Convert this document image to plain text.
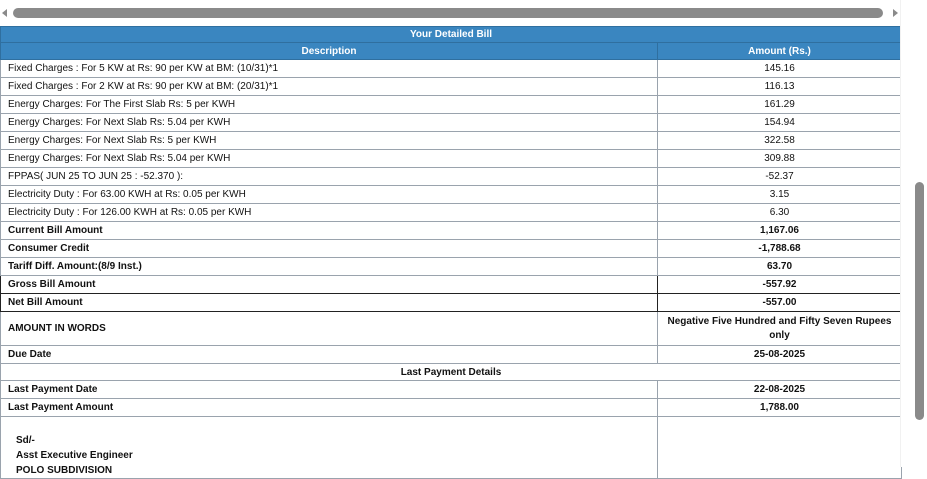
Your Detailed Bill	
Description	Amount (Rs.)
Fixed Charges : For 5 KW at Rs: 90 per KW at BM: (10/31)*1	145.16
Fixed Charges : For 2 KW at Rs: 90 per KW at BM: (20/31)*1	116.13
Energy Charges: For The First Slab Rs: 5 per KWH	161.29
Energy Charges: For Next Slab Rs: 5.04 per KWH	154.94
Energy Charges: For Next Slab Rs: 5 per KWH	322.58
Energy Charges: For Next Slab Rs: 5.04 per KWH	309.88
FPPAS( JUN 25 TO JUN 25 : -52.370 ):	-52.37
Electricity Duty : For 63.00 KWH at Rs: 0.05 per KWH	3.15
Electricity Duty : For 126.00 KWH at Rs: 0.05 per KWH	6.30
Current Bill Amount	1,167.06
Consumer Credit	-1,788.68
Tariff Diff. Amount:(8/9 Inst.)	63.70
Gross Bill Amount	-557.92
Net Bill Amount	-557.00
AMOUNT IN WORDS	Negative Five Hundred and Fifty Seven Rupees only
Due Date	25-08-2025
Last Payment Details	
Last Payment Date	22-08-2025
Last Payment Amount	1,788.00

Sd/-
Asst Executive Engineer
POLO SUBDIVISION	
